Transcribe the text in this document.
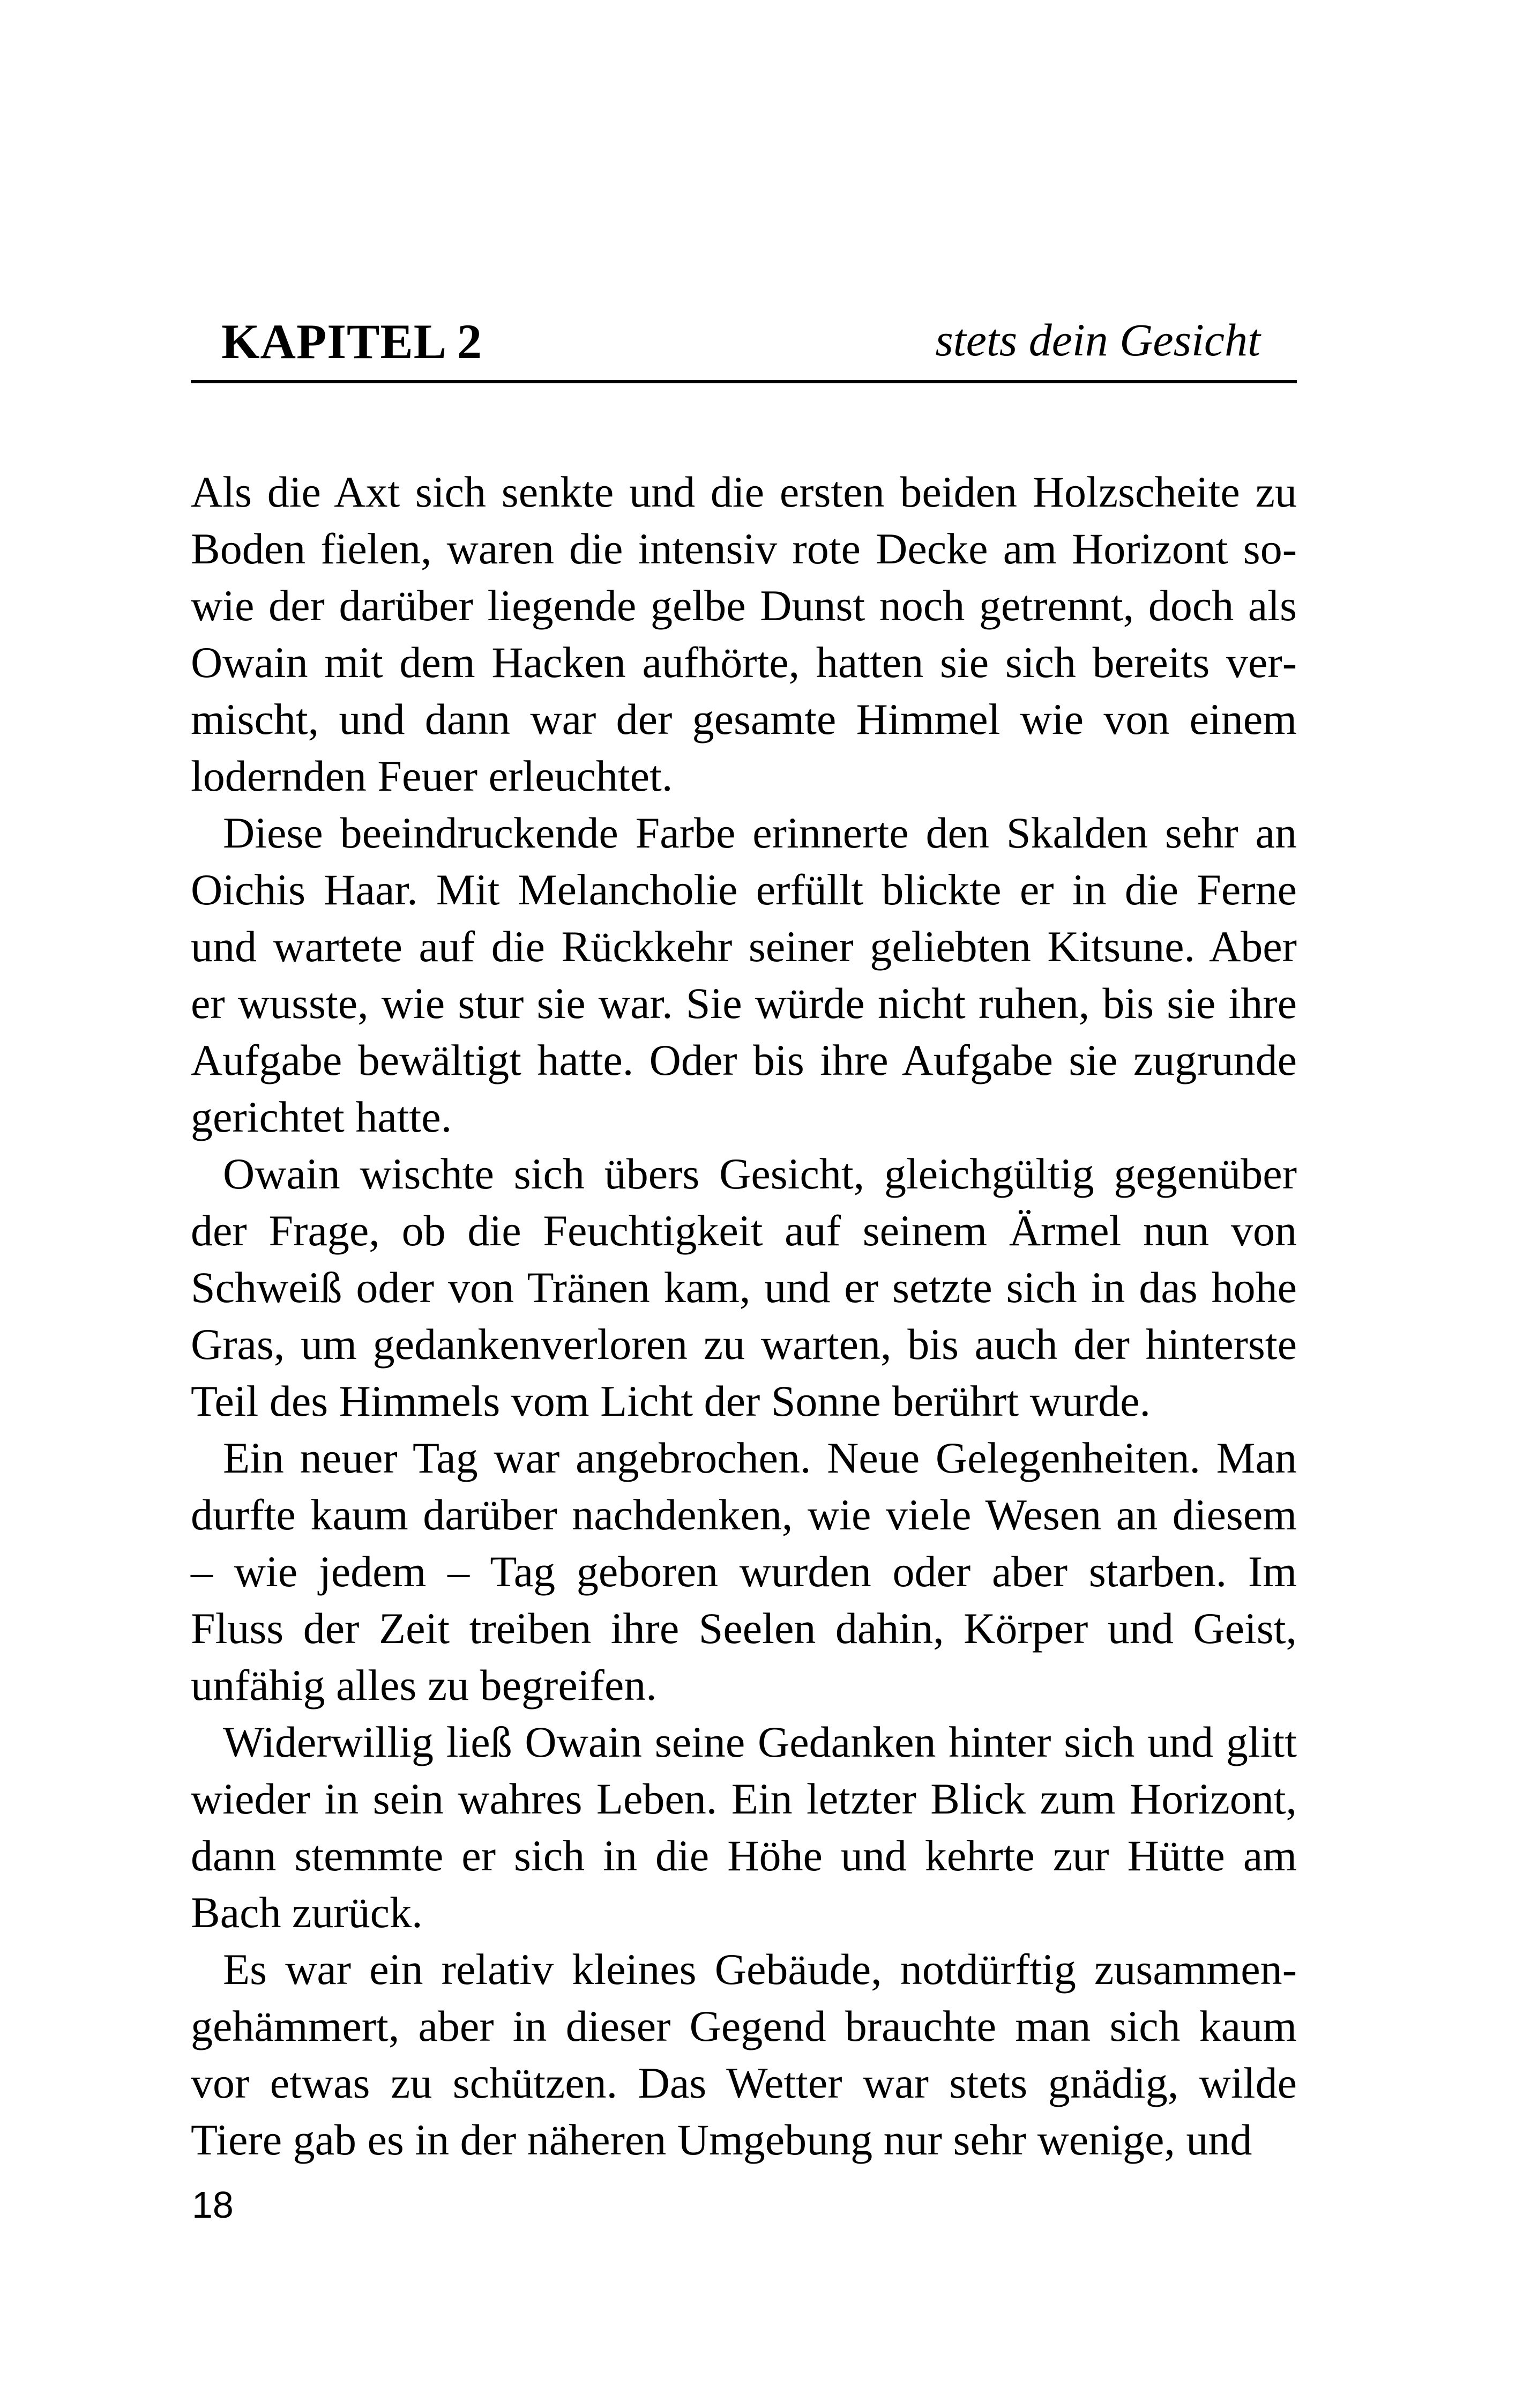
KAPITEL 2	stets dein Gesicht

Als die Axt sich senkte und die ersten beiden Holzscheite zu Boden fielen, waren die intensiv rote Decke am Horizont sowie der darüber liegende gelbe Dunst noch getrennt, doch als Owain mit dem Hacken aufhörte, hatten sie sich bereits vermischt, und dann war der gesamte Himmel wie von einem lodernden Feuer erleuchtet.

Diese beeindruckende Farbe erinnerte den Skalden sehr an Oichis Haar. Mit Melancholie erfüllt blickte er in die Ferne und wartete auf die Rückkehr seiner geliebten Kitsune. Aber er wusste, wie stur sie war. Sie würde nicht ruhen, bis sie ihre Aufgabe bewältigt hatte. Oder bis ihre Aufgabe sie zugrunde gerichtet hatte.

Owain wischte sich übers Gesicht, gleichgültig gegenüber der Frage, ob die Feuchtigkeit auf seinem Ärmel nun von Schweiß oder von Tränen kam, und er setzte sich in das hohe Gras, um gedankenverloren zu warten, bis auch der hinterste Teil des Himmels vom Licht der Sonne berührt wurde.

Ein neuer Tag war angebrochen. Neue Gelegenheiten. Man durfte kaum darüber nachdenken, wie viele Wesen an diesem – wie jedem – Tag geboren wurden oder aber starben. Im Fluss der Zeit treiben ihre Seelen dahin, Körper und Geist, unfähig alles zu begreifen.

Widerwillig ließ Owain seine Gedanken hinter sich und glitt wieder in sein wahres Leben. Ein letzter Blick zum Horizont, dann stemmte er sich in die Höhe und kehrte zur Hütte am Bach zurück.

Es war ein relativ kleines Gebäude, notdürftig zusammengehämmert, aber in dieser Gegend brauchte man sich kaum vor etwas zu schützen. Das Wetter war stets gnädig, wilde Tiere gab es in der näheren Umgebung nur sehr wenige, und

18
